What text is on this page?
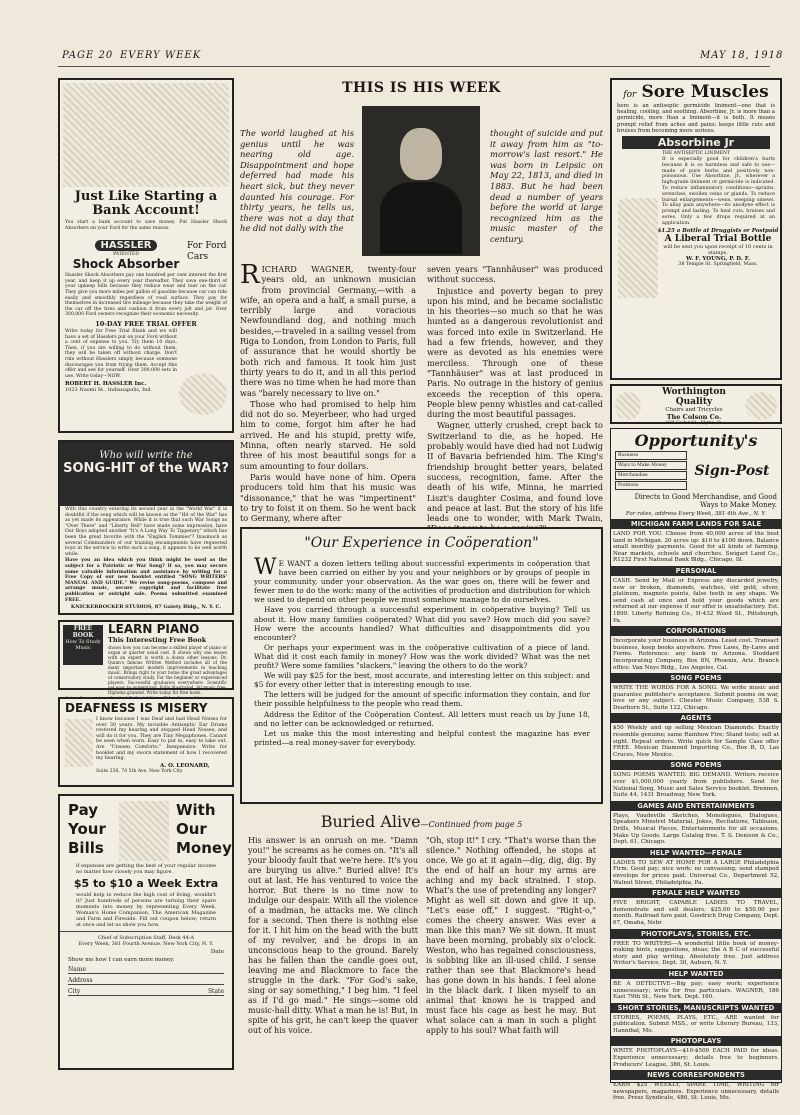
PAGE 20 EVERY WEEK	MAY 18, 1918
Just Like Starting a Bank Account!
You start a bank account to save money. Put Hassler Shock Absorbers on your Ford for the same reason.
HASSLER
PATENTED
Shock Absorber
For Ford Cars
Hassler Shock Absorbers pay one hundred per cent interest the first year, and keep it up every year thereafter. They save one-third of your upkeep bills because they reduce wear and tear on the car. They give you more miles per gallon of gasoline because car can ride easily and smoothly regardless of road surface. They pay for themselves in increased tire mileage because they take the weight of the car off the tires and cushion it from every jolt and jar. Over 300,000 Ford owners recognize their economic necessity.
10-DAY FREE TRIAL OFFER
Write today for Free Trial Blank and we will have a set of Hasslers put on your Ford without a cent of expense to you. Try them 10 days. Then, if you are willing to do without them, they will be taken off without charge. Don't ride without Hasslers simply because someone discourages you from trying them. Accept this offer and see for yourself. Over 300,000 sets in use. Write today—NOW.
ROBERT H. HASSLER Inc.
1023 Naomi St., Indianapolis, Ind.
Who will write the
SONG-HIT of the WAR?
With this country entering its second year in the "World War" it is doubtful if the song which will be known as the "Hit of the War" has as yet made its appearance. While it is true that such War Songs as "Over There" and "Liberty Bell" have made some impression, have Our Boys adopted another "It's A Long Way To Tipperary" which has been the great favorite with the "English Tommies"? Inasmuch as several Commanders of our training encampments have requested boys in the service to write such a song, it appears to be well worth while.
Have you an idea which you think might be used as the subject for a Patriotic or War Song? If so, you may secure some valuable information and assistance by writing for a Free Copy of our new booklet entitled "SONG WRITERS' MANUAL AND GUIDE." We revise song-poems, compose and arrange music, secure copyright and facilitate free publication or outright sale. Poems submitted examined FREE.
KNICKERBOCKER STUDIOS, 87 Gaiety Bldg., N. Y. C.
FREE BOOK
How To Study Music
LEARN PIANO
This Interesting Free Book
shows how you can become a skilled player of piano or organ at quarter usual cost. It shows why one lesson with an expert is worth a dozen other lessons. Dr. Quinn's famous Written Method includes all of the many important modern improvements in teaching music. Brings right to your home the great advantages of conservatory study. For the beginner or experienced players. Successful graduates everywhere. Scientific yet easy to understand. Fully illustrated. All music free. Diploma granted. Write today for free book.
DEAFNESS IS MISERY
I know because I was Deaf and had Head Noises for over 30 years. My invisible Antiseptic Ear Drums restored my hearing and stopped Head Noises, and will do it for you. They are Tiny Megaphones. Cannot be seen when worn. Easy to put in, easy to take out. Are "Unseen Comforts." Inexpensive. Write for booklet and my sworn statement of how I recovered my hearing.
A. O. LEONARD,
Suite 236, 70 5th Ave. New York City
Pay Your Bills
With Our Money
if expenses are getting the best of your regular income no matter how closely you may figure.
$5 to $10 a Week Extra
would help to reduce the high cost of living, wouldn't it? Just hundreds of persons are turning their spare moments into money by representing Every Week, Woman's Home Companion, The American Magazine and Farm and Fireside. Fill out coupon below; return at once and let us show you how.
Chief of Subscription Staff, Desk 44-A
Every Week, 381 Fourth Avenue, New York City, N. Y.
Date
Show me how I can earn more money.
Name
Address
City	State
THIS IS HIS WEEK
The world laughed at his genius until he was nearing old age. Disappointment and hope deferred had made his heart sick, but they never daunted his courage. For thirty years, he tells us, there was not a day that he did not dally with the
thought of suicide and put it away from him as "to-morrow's last resort." He was born in Leipsic on May 22, 1813, and died in 1883. But he had been dead a number of years before the world at large recognized him as the music master of the century.

RICHARD WAGNER, twenty-four years old, an unknown musician from provincial Germany,—with a wife, an opera and a half, a small purse, a terribly large and voracious Newfoundland dog, and nothing much besides,—traveled in a sailing vessel from Riga to London, from London to Paris, full of assurance that he would shortly be both rich and famous. It took him just thirty years to do it, and in all this period there was no time when he had more than was "barely necessary to live on."

Those who had promised to help him did not do so. Meyerbeer, who had urged him to come, forgot him after he had arrived. He and his stupid, pretty wife, Minna, often nearly starved. He sold three of his most beautiful songs for a sum amounting to four dollars.

Paris would have none of him. Opera producers told him that his music was "dissonance," that he was "impertinent" to try to foist it on them. So he went back to Germany, where after

seven years "Tannhäuser" was produced without success.

Injustice and poverty began to prey upon his mind, and he became socialistic in his theories—so much so that he was hunted as a dangerous revolutionist and was forced into exile in Switzerland. He had a few friends, however, and they were as devoted as his enemies were merciless. Through one of these "Tannhäuser" was at last produced in Paris. No outrage in the history of genius exceeds the reception of this opera. People blew penny whistles and cat-called during the most beautiful passages.

Wagner, utterly crushed, crept back to Switzerland to die, as he hoped. He probably would have died had not Ludwig II of Bavaria befriended him. The King's friendship brought better years, belated success, recognition, fame. After the death of his wife, Minna, he married Liszt's daughter Cosima, and found love and peace at last. But the story of his life leads one to wonder, with Mark Twain,

"Our Experience in Coöperation"

W E WANT a dozen letters telling about successful experiments in coöperation that have been carried on either by you and your neighbors or by groups of people in your community, under your observation. As the war goes on, there will be fewer and fewer men to do the work: many of the activities of production and distribution for which we used to depend on other people we must somehow manage to do ourselves.

Have you carried through a successful experiment in coöperative buying? Tell us about it. How many families coöperated? What did you save? How much did you save? How were the accounts handled? What difficulties and disappointments did you encounter?

Or perhaps your experiment was in the coöperative cultivation of a piece of land. What did it cost each family in money? How was the work divided? What was the net profit? Were some families "slackers," leaving the others to do the work?

We will pay $25 for the best, most accurate, and interesting letter on this subject: and $5 for every other letter that is interesting enough to use.

The letters will be judged for the amount of specific information they contain, and for their possible helpfulness to the people who read them.

Address the Editor of the Coöperation Contest. All letters must reach us by June 18, and no letter can be acknowledged or returned.

Let us make this the most interesting and helpful contest the magazine has ever printed—a real money-saver for everybody.

Buried Alive—Continued from page 5
His answer is an onrush on me. "Damn you!" he screams as he comes on. "It's all your bloody fault that we're here. It's you are burying us alive." Buried alive! It's out at last. He has ventured to voice the horror. But there is no time now to indulge our despair. With all the violence of a madman, he attacks me. We clinch for a second. Then there is nothing else for it. I hit him on the head with the butt of my revolver, and he drops in an unconscious heap to the ground. Barely has he fallen than the candle goes out, leaving me and Blackmore to face the struggle in the dark. "For God's sake, sing or say something," I beg him. "I feel as if I'd go mad." He sings—some old music-hall ditty. What a man he is! But, in spite of his grit, he can't keep the quaver out of his voice.
"Oh, stop it!" I cry. "That's worse than the silence." Nothing offended, he stops at once. We go at it again—dig, dig, dig. By the end of half an hour my arms are aching and my back strained. I stop. What's the use of pretending any longer? Might as well sit down and give it up. "Let's ease off," I suggest. "Right-o," comes the cheery answer. Was ever a man like this man? We sit down. It must have been morning, probably six o'clock. Weston, who has regained consciousness, is sobbing like an ill-used child. I sense rather than see that Blackmore's head has gone down in his hands. I feel alone in the black dark. I liken myself to an animal that knows he is trapped and must face his cage as best he may. But what solace can a man in such a plight apply to his soul? What faith will
for Sore Muscles
here is an antiseptic germicide liniment—one that is healing, cooling, and soothing. Absorbine, Jr. is more than a germicide, more than a liniment—it is both. It means prompt relief from aches and pains; keeps little cuts and bruises from becoming more serious.
Absorbine Jr
THE ANTISEPTIC LINIMENT
It is especially good for children's hurts because it is so harmless and safe to use—made of pure herbs and positively non-poisonous. Use Absorbine, Jr., wherever a high-grade liniment or germicide is indicated. To reduce inflammatory conditions—sprains, wrenches, swollen veins or glands. To reduce bursal enlargements—wens, weeping sinews. To allay pain anywhere—its anodyne effect is prompt and lasting. To heal cuts, bruises and sores. Only a few drops required at an application.
$1.25 a Bottle at Druggists or Postpaid
A Liberal Trial Bottle
will be sent you upon receipt of 10 cents in stamps.
W. F. YOUNG, P. D. F.
38 Temple St. Springfield, Mass.
Worthington Quality
Chairs and Tricycles
The Colson Co.
826 Cedar St., Elyria, O.
Opportunity's
Business
Ways to Make Money
Merchandise
Positions
Sign-Post
Directs to Good Merchandise, and Good Ways to Make Money.
For rates, address Every Week, 381 4th Ave., N. Y.
MICHIGAN FARM LANDS FOR SALE
LAND FOR YOU. Choose from 40,000 acres of the best land in Michigan. 20 acres up: $10 to $100 down. Balance small monthly payments. Good for all kinds of farming. Near markets, schools and churches. Swigart Land Co., R1232 First National Bank Bldg., Chicago, Ill.
PERSONAL
CASH. Send by Mail or Express any discarded jewelry, new or broken, diamonds, watches, old gold, silver, platinum, magneto points, false teeth in any shape. We send cash at once and hold your goods which are returned at our expense if our offer is unsatisfactory. Est. 1899. Liberty Refining Co., H-432 Wood St., Pittsburgh, Pa.
CORPORATIONS
Incorporate your business in Arizona. Least cost. Transact business, keep books anywhere. Free Laws, By-Laws and Forms. Reference: any bank in Arizona. Stoddard Incorporating Company, Box 8N, Phoenix, Ariz. Branch office: Van Nuys Bldg., Los Angeles, Cal.
SONG POEMS
WRITE THE WORDS FOR A SONG. We write music and guarantee publisher's acceptance. Submit poems on war, love or any subject. Chester Music Company, 538 S. Dearborn St., Suite 122, Chicago.
AGENTS
$50 Weekly and up selling Mexican Diamonds. Exactly resemble genuine; same Rainbow Fire; Stand tests; sell at sight. Repeat orders. Write quick for Sample Case offer FREE. Mexican Diamond Importing Co., Box B, D, Las Cruces, New Mexico.
SONG POEMS
SONG POEMS WANTED. BIG DEMAND. Writers receive over $1,000,000 yearly from publishers. Send for National Song, Music and Sales Service booklet. Brennen, Suite 44, 1431 Broadway, New York.
GAMES AND ENTERTAINMENTS
Plays, Vaudeville Sketches, Monologues, Dialogues, Speakers Minstrel Material, Jokes, Recitations, Tableaux, Drills, Musical Pieces, Entertainments for all occasions. Make Up Goods. Large Catalog free. T. S. Denison & Co., Dept. 61, Chicago.
HELP WANTED—FEMALE
LADIES TO SEW AT HOME FOR A LARGE Philadelphia Firm. Good pay; nice work; no canvassing; send stamped envelope for prices paid. Universal Co., Department 52, Walnut Street, Philadelphia, Pa.
FEMALE HELP WANTED
FIVE BRIGHT, CAPABLE LADIES TO TRAVEL, demonstrate and sell dealers. $25.00 to $50.00 per month. Railroad fare paid. Goodrich Drug Company, Dept. 67, Omaha, Nebr.
PHOTOPLAYS, STORIES, ETC.
FREE TO WRITERS—A wonderful little book of money-making hints, suggestions, ideas; the A B C of successful story and play writing. Absolutely free. Just address Writer's Service, Dept. 30, Auburn, N. Y.
HELP WANTED
BE A DETECTIVE—Big pay; easy work; experience unnecessary; write for free particulars. WAGNER, 186 East 79th St., New York. Dept. 160.
SHORT STORIES, MANUSCRIPTS WANTED
STORIES, POEMS, PLAYS, ETC., ARE wanted for publication. Submit MSS., or write Literary Bureau, 133, Hannibal, Mo.
PHOTOPLAYS
WRITE PHOTOPLAYS—$10-$500 EACH PAID for ideas. Experience unnecessary; details free to beginners. Producers' League, 386, St. Louis.
NEWS CORRESPONDENTS
EARN $25 WEEKLY, SPARE TIME, WRITING for newspapers, magazines. Experience unnecessary, details free. Press Syndicate, 486, St. Louis, Mo.
